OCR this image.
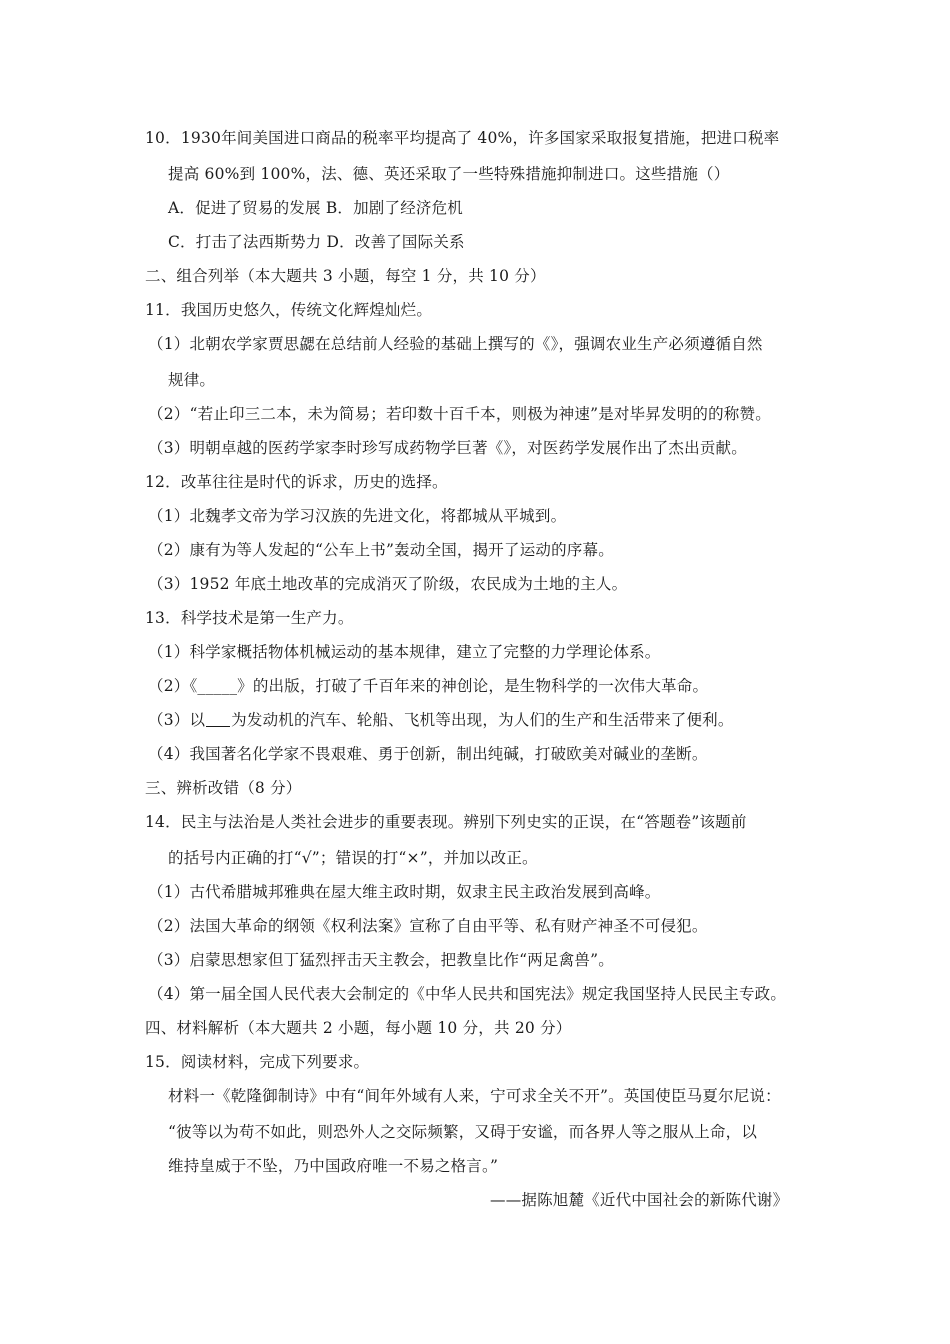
10．1930年间美国进口商品的税率平均提高了 40%，许多国家采取报复措施，把进口税率
提高 60%到 100%，法、德、英还采取了一些特殊措施抑制进口。这些措施（）
A．促进了贸易的发展 B．加剧了经济危机
C．打击了法西斯势力 D．改善了国际关系
二、组合列举（本大题共 3 小题，每空 1 分，共 10 分）
11．我国历史悠久，传统文化辉煌灿烂。
（1）北朝农学家贾思勰在总结前人经验的基础上撰写的《》，强调农业生产必须遵循自然
规律。
（2）“若止印三二本，未为简易；若印数十百千本，则极为神速”是对毕昇发明的的称赞。
（3）明朝卓越的医药学家李时珍写成药物学巨著《》，对医药学发展作出了杰出贡献。
12．改革往往是时代的诉求，历史的选择。
（1）北魏孝文帝为学习汉族的先进文化，将都城从平城到。
（2）康有为等人发起的“公车上书”轰动全国，揭开了运动的序幕。
（3）1952 年底土地改革的完成消灭了阶级，农民成为土地的主人。
13．科学技术是第一生产力。
（1）科学家概括物体机械运动的基本规律，建立了完整的力学理论体系。
（2）《_____》的出版，打破了千百年来的神创论，是生物科学的一次伟大革命。
（3）以 为发动机的汽车、轮船、飞机等出现，为人们的生产和生活带来了便利。
（4）我国著名化学家不畏艰难、勇于创新，制出纯碱，打破欧美对碱业的垄断。
三、辨析改错（8 分）
14．民主与法治是人类社会进步的重要表现。辨别下列史实的正误，在“答题卷”该题前
的括号内正确的打“√”；错误的打“×”，并加以改正。
（1）古代希腊城邦雅典在屋大维主政时期，奴隶主民主政治发展到高峰。
（2）法国大革命的纲领《权利法案》宣称了自由平等、私有财产神圣不可侵犯。
（3）启蒙思想家但丁猛烈抨击天主教会，把教皇比作“两足禽兽”。
（4）第一届全国人民代表大会制定的《中华人民共和国宪法》规定我国坚持人民民主专政。
四、材料解析（本大题共 2 小题，每小题 10 分，共 20 分）
15．阅读材料，完成下列要求。
材料一《乾隆御制诗》中有“间年外域有人来，宁可求全关不开”。英国使臣马夏尔尼说：
“彼等以为苟不如此，则恐外人之交际频繁，又碍于安谧，而各界人等之服从上命，以
维持皇威于不坠，乃中国政府唯一不易之格言。”
——据陈旭麓《近代中国社会的新陈代谢》
